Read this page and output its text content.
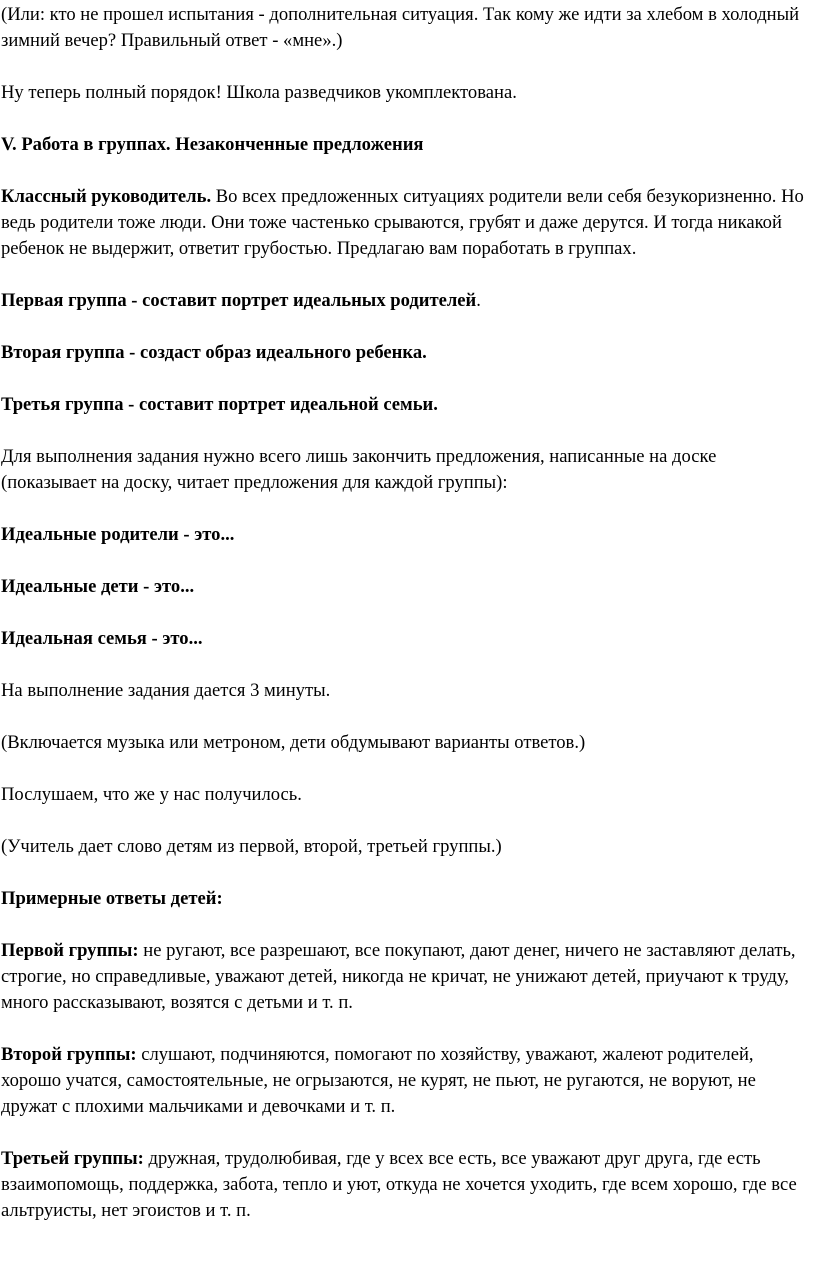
(Или: кто не прошел испытания - дополнительная ситуация. Так кому же идти за хлебом в холодный зимний вечер? Правильный ответ - «мне».)

Ну теперь полный порядок! Школа разведчиков укомплектована.

V. Работа в группах. Незаконченные предложения

Классный руководитель. Во всех предложенных ситуациях родители вели себя безукоризненно. Но ведь родители тоже люди. Они тоже частенько срываются, грубят и даже дерутся. И тогда никакой ребенок не выдержит, ответит грубостью. Предлагаю вам поработать в группах.

Первая группа - составит портрет идеальных родителей.

Вторая группа - создаст образ идеального ребенка.

Третья группа - составит портрет идеальной семьи.

Для выполнения задания нужно всего лишь закончить предложения, написанные на доске (показывает на доску, читает предложения для каждой группы):

Идеальные родители - это...

Идеальные дети - это...

Идеальная семья - это...

На выполнение задания дается 3 минуты.

(Включается музыка или метроном, дети обдумывают варианты ответов.)

Послушаем, что же у нас получилось.

(Учитель дает слово детям из первой, второй, третьей группы.)

Примерные ответы детей:

Первой группы: не ругают, все разрешают, все покупают, дают денег, ничего не заставляют делать, строгие, но справедливые, уважают детей, никогда не кричат, не унижают детей, приучают к труду, много рассказывают, возятся с детьми и т. п.

Второй группы: слушают, подчиняются, помогают по хозяйству, уважают, жалеют родителей, хорошо учатся, самостоятельные, не огрызаются, не курят, не пьют, не ругаются, не воруют, не дружат с плохими мальчиками и девочками и т. п.

Третьей группы: дружная, трудолюбивая, где у всех все есть, все уважают друг друга, где есть взаимопомощь, поддержка, забота, тепло и уют, откуда не хочется уходить, где всем хорошо, где все альтруисты, нет эгоистов и т. п.
